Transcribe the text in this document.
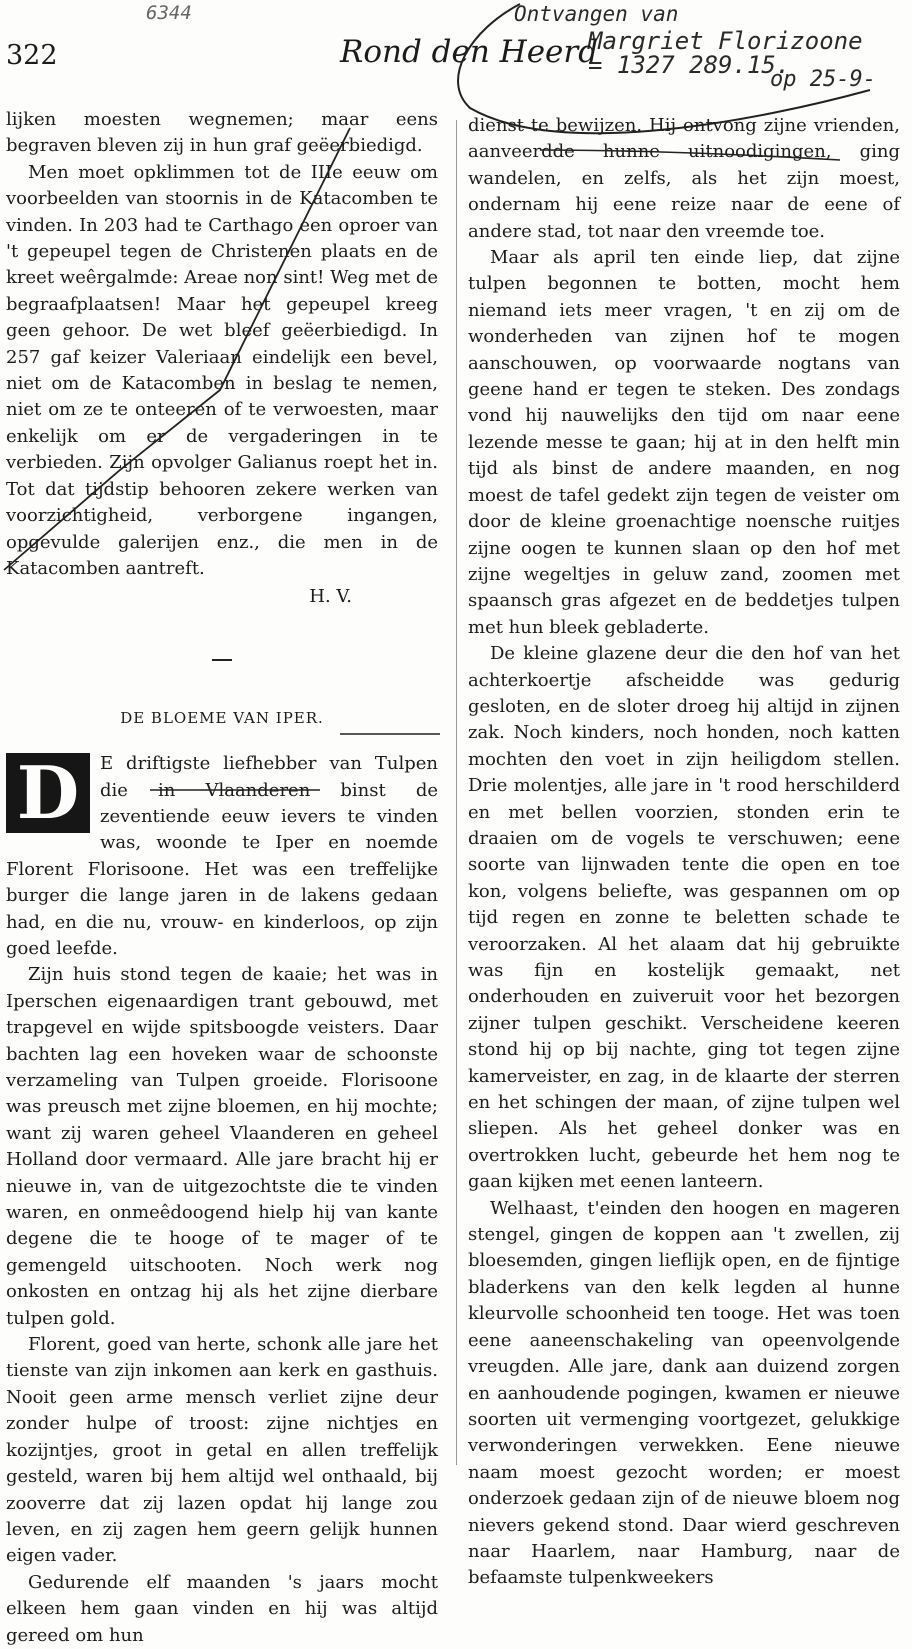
6344	Ontvangen van
Margriet Florizoone
= 1327 289.15.
op 25-9-
322	Rond den Heerd

lijken moesten wegnemen; maar eens begraven bleven zij in hun graf geëerbiedigd.

Men moet opklimmen tot de IIIe eeuw om voorbeelden van stoornis in de Katacomben te vinden. In 203 had te Carthago een oproer van 't gepeupel tegen de Christenen plaats en de kreet weêrgalmde: Areae non sint! Weg met de begraafplaatsen! Maar het gepeupel kreeg geen gehoor. De wet bleef geëerbiedigd. In 257 gaf keizer Valeriaan eindelijk een bevel, niet om de Katacomben in beslag te nemen, niet om ze te onteeren of te verwoesten, maar enkelijk om er de vergaderingen in te verbieden. Zijn opvolger Galianus roept het in. Tot dat tijdstip behooren zekere werken van voorzichtigheid, verborgene ingangen, opgevulde galerijen enz., die men in de Katacomben aantreft.

H. V.
DE BLOEME VAN IPER.

D	E driftigste liefhebber van Tulpen die in Vlaanderen binst de zeventiende eeuw ievers te vinden was, woonde te Iper en noemde Florent Florisoone. Het was een treffelijke burger die lange jaren in de lakens gedaan had, en die nu, vrouw- en kinderloos, op zijn goed leefde.

Zijn huis stond tegen de kaaie; het was in Iperschen eigenaardigen trant gebouwd, met trapgevel en wijde spitsboogde veisters. Daar bachten lag een hoveken waar de schoonste verzameling van Tulpen groeide. Florisoone was preusch met zijne bloemen, en hij mochte; want zij waren geheel Vlaanderen en geheel Holland door vermaard. Alle jare bracht hij er nieuwe in, van de uitgezochtste die te vinden waren, en onmeêdoogend hielp hij van kante degene die te hooge of te mager of te gemengeld uitschooten. Noch werk nog onkosten en ontzag hij als het zijne dierbare tulpen gold.

Florent, goed van herte, schonk alle jare het tienste van zijn inkomen aan kerk en gasthuis. Nooit geen arme mensch verliet zijne deur zonder hulpe of troost: zijne nichtjes en kozijntjes, groot in getal en allen treffelijk gesteld, waren bij hem altijd wel onthaald, bij zooverre dat zij lazen opdat hij lange zou leven, en zij zagen hem geern gelijk hunnen eigen vader.

Gedurende elf maanden 's jaars mocht elkeen hem gaan vinden en hij was altijd gereed om hun

dienst te bewijzen. Hij ontvong zijne vrienden, aanveerdde hunne uitnoodigingen, ging wandelen, en zelfs, als het zijn moest, ondernam hij eene reize naar de eene of andere stad, tot naar den vreemde toe.

Maar als april ten einde liep, dat zijne tulpen begonnen te botten, mocht hem niemand iets meer vragen, 't en zij om de wonderheden van zijnen hof te mogen aanschouwen, op voorwaarde nogtans van geene hand er tegen te steken. Des zondags vond hij nauwelijks den tijd om naar eene lezende messe te gaan; hij at in den helft min tijd als binst de andere maanden, en nog moest de tafel gedekt zijn tegen de veister om door de kleine groenachtige noensche ruitjes zijne oogen te kunnen slaan op den hof met zijne wegeltjes in geluw zand, zoomen met spaansch gras afgezet en de beddetjes tulpen met hun bleek gebladerte.

De kleine glazene deur die den hof van het achterkoertje afscheidde was gedurig gesloten, en de sloter droeg hij altijd in zijnen zak. Noch kinders, noch honden, noch katten mochten den voet in zijn heiligdom stellen. Drie molentjes, alle jare in 't rood herschilderd en met bellen voorzien, stonden erin te draaien om de vogels te verschuwen; eene soorte van lijnwaden tente die open en toe kon, volgens beliefte, was gespannen om op tijd regen en zonne te beletten schade te veroorzaken. Al het alaam dat hij gebruikte was fijn en kostelijk gemaakt, net onderhouden en zuiveruit voor het bezorgen zijner tulpen geschikt. Verscheidene keeren stond hij op bij nachte, ging tot tegen zijne kamerveister, en zag, in de klaarte der sterren en het schingen der maan, of zijne tulpen wel sliepen. Als het geheel donker was en overtrokken lucht, gebeurde het hem nog te gaan kijken met eenen lanteern.

Welhaast, t'einden den hoogen en mageren stengel, gingen de koppen aan 't zwellen, zij bloesemden, gingen lieflijk open, en de fijntige bladerkens van den kelk legden al hunne kleurvolle schoonheid ten tooge. Het was toen eene aaneenschakeling van opeenvolgende vreugden. Alle jare, dank aan duizend zorgen en aanhoudende pogingen, kwamen er nieuwe soorten uit vermenging voortgezet, gelukkige verwonderingen verwekken. Eene nieuwe naam moest gezocht worden; er moest onderzoek gedaan zijn of de nieuwe bloem nog nievers gekend stond. Daar wierd geschreven naar Haarlem, naar Hamburg, naar de befaamste tulpenkweekers
